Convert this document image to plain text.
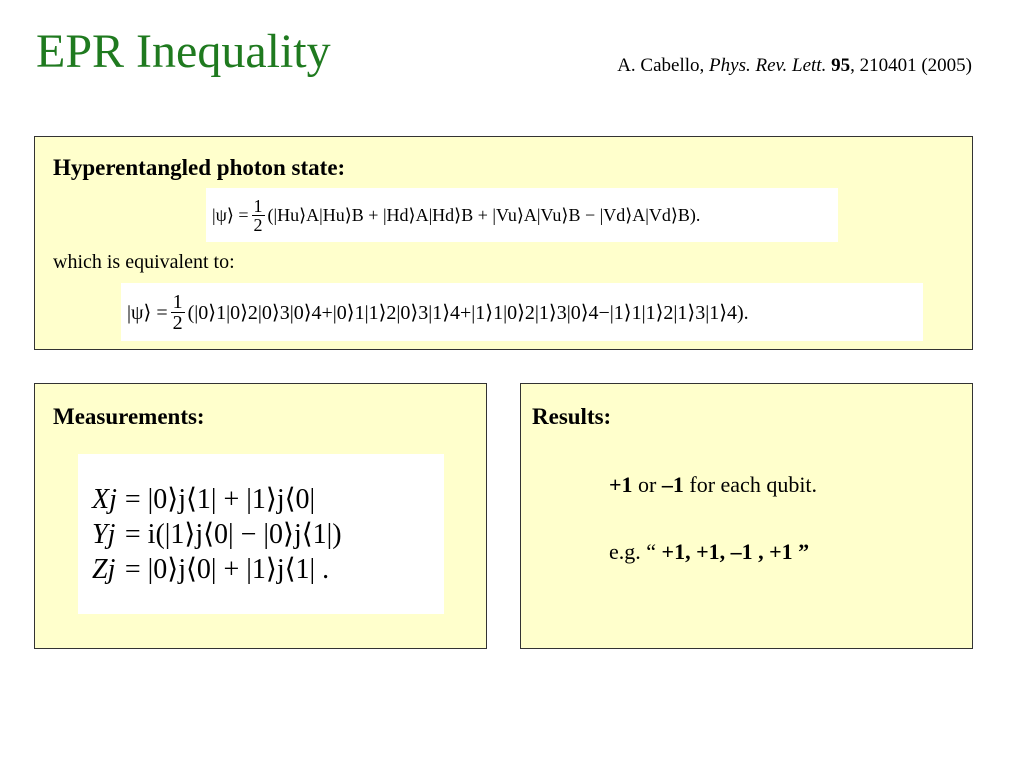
EPR Inequality	A. Cabello, Phys. Rev. Lett. 95, 210401 (2005)
Hyperentangled photon state:
|ψ⟩ = $\frac{1}{2}$ (|Hu⟩A|Hu⟩B + |Hd⟩A|Hd⟩B + |Vu⟩A|Vu⟩B − |Vd⟩A|Vd⟩B).
which is equivalent to:
|ψ⟩ = $\frac{1}{2}$ (|0⟩1|0⟩2|0⟩3|0⟩4+|0⟩1|1⟩2|0⟩3|1⟩4+|1⟩1|0⟩2|1⟩3|0⟩4−|1⟩1|1⟩2|1⟩3|1⟩4).
Measurements:
Xj	= |0⟩j⟨1| + |1⟩j⟨0|
Yj	= i(|1⟩j⟨0| − |0⟩j⟨1|)
Zj	= |0⟩j⟨0| + |1⟩j⟨1| .
Results:
+1 or –1 for each qubit.
e.g. “ +1, +1, –1 , +1 ”
